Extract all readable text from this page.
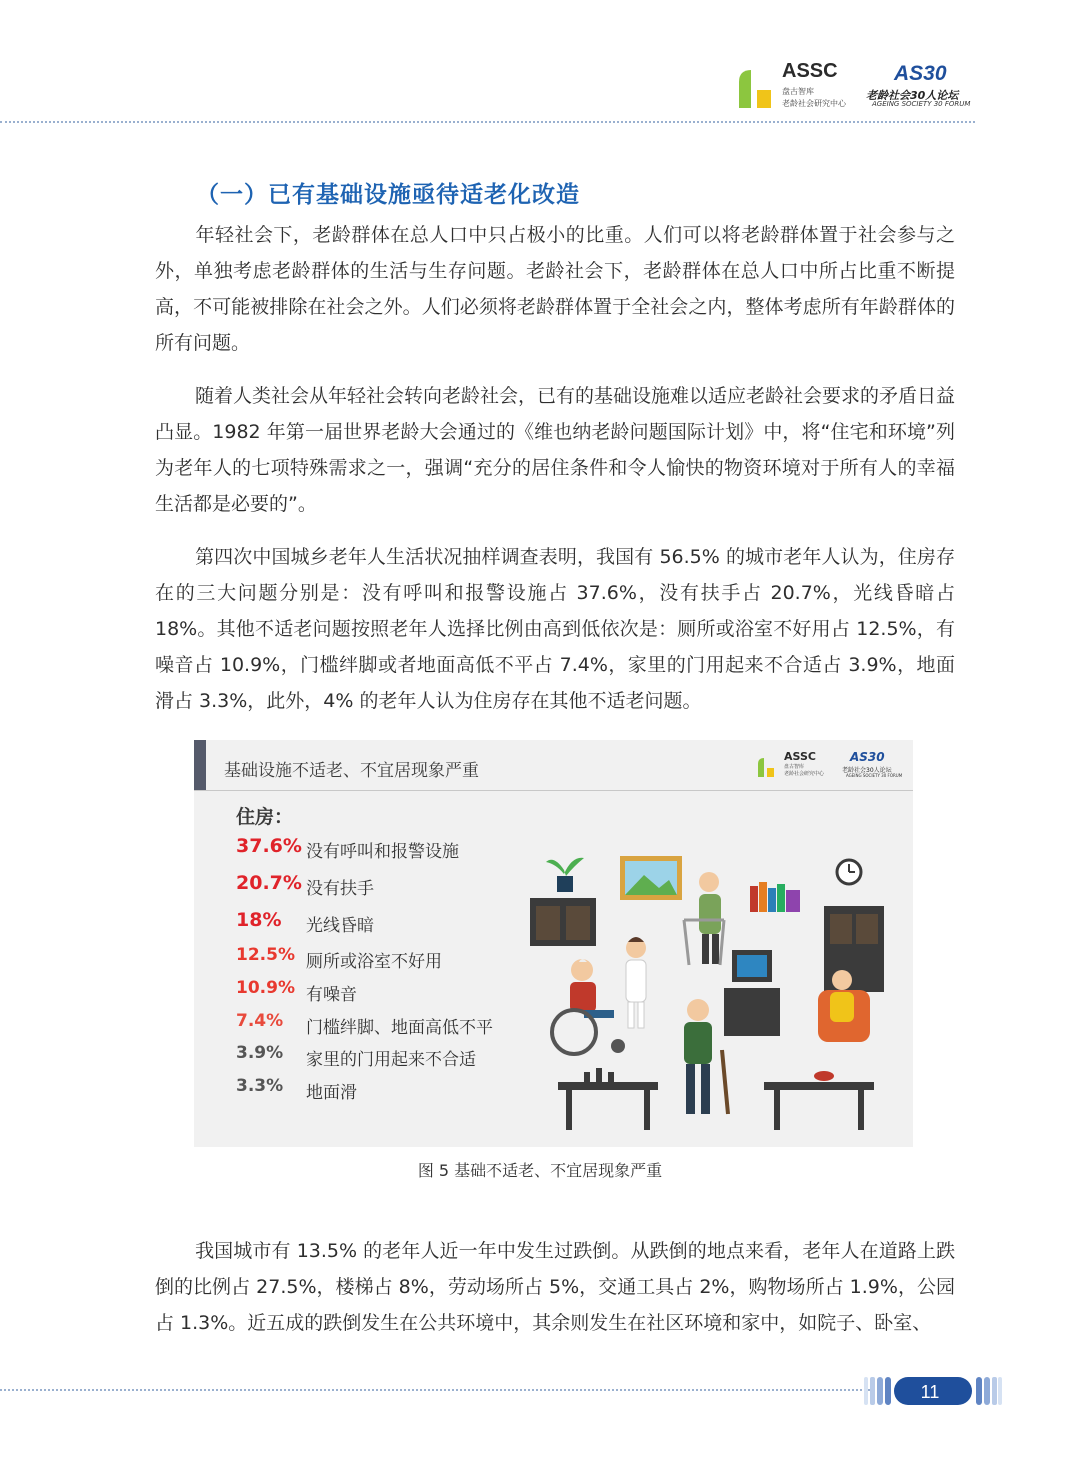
ASSC
盘古智库
老龄社会研究中心
AS30
老龄社会30人论坛
AGEING SOCIETY 30 FORUM
（一）已有基础设施亟待适老化改造

年轻社会下，老龄群体在总人口中只占极小的比重。人们可以将老龄群体置于社会参与之外，单独考虑老龄群体的生活与生存问题。老龄社会下，老龄群体在总人口中所占比重不断提高，不可能被排除在社会之外。人们必须将老龄群体置于全社会之内，整体考虑所有年龄群体的所有问题。

随着人类社会从年轻社会转向老龄社会，已有的基础设施难以适应老龄社会要求的矛盾日益凸显。1982 年第一届世界老龄大会通过的《维也纳老龄问题国际计划》中，将“住宅和环境”列为老年人的七项特殊需求之一，强调“充分的居住条件和令人愉快的物资环境对于所有人的幸福生活都是必要的”。

第四次中国城乡老年人生活状况抽样调查表明，我国有 56.5% 的城市老年人认为，住房存在的三大问题分别是：没有呼叫和报警设施占 37.6%，没有扶手占 20.7%，光线昏暗占 18%。其他不适老问题按照老年人选择比例由高到低依次是：厕所或浴室不好用占 12.5%，有噪音占 10.9%，门槛绊脚或者地面高低不平占 7.4%，家里的门用起来不合适占 3.9%，地面滑占 3.3%，此外，4% 的老年人认为住房存在其他不适老问题。

基础设施不适老、不宜居现象严重
ASSC
盘古智库
老龄社会研究中心
AS30
老龄社会30人论坛
AGEING SOCIETY 30 FORUM
住房：
37.6% 没有呼叫和报警设施
20.7% 没有扶手
18% 光线昏暗
12.5% 厕所或浴室不好用
10.9% 有噪音
7.4% 门槛绊脚、地面高低不平
3.9% 家里的门用起来不合适
3.3% 地面滑
图 5 基础不适老、不宜居现象严重

我国城市有 13.5% 的老年人近一年中发生过跌倒。从跌倒的地点来看，老年人在道路上跌倒的比例占 27.5%，楼梯占 8%，劳动场所占 5%，交通工具占 2%，购物场所占 1.9%，公园占 1.3%。近五成的跌倒发生在公共环境中，其余则发生在社区环境和家中，如院子、卧室、

11
